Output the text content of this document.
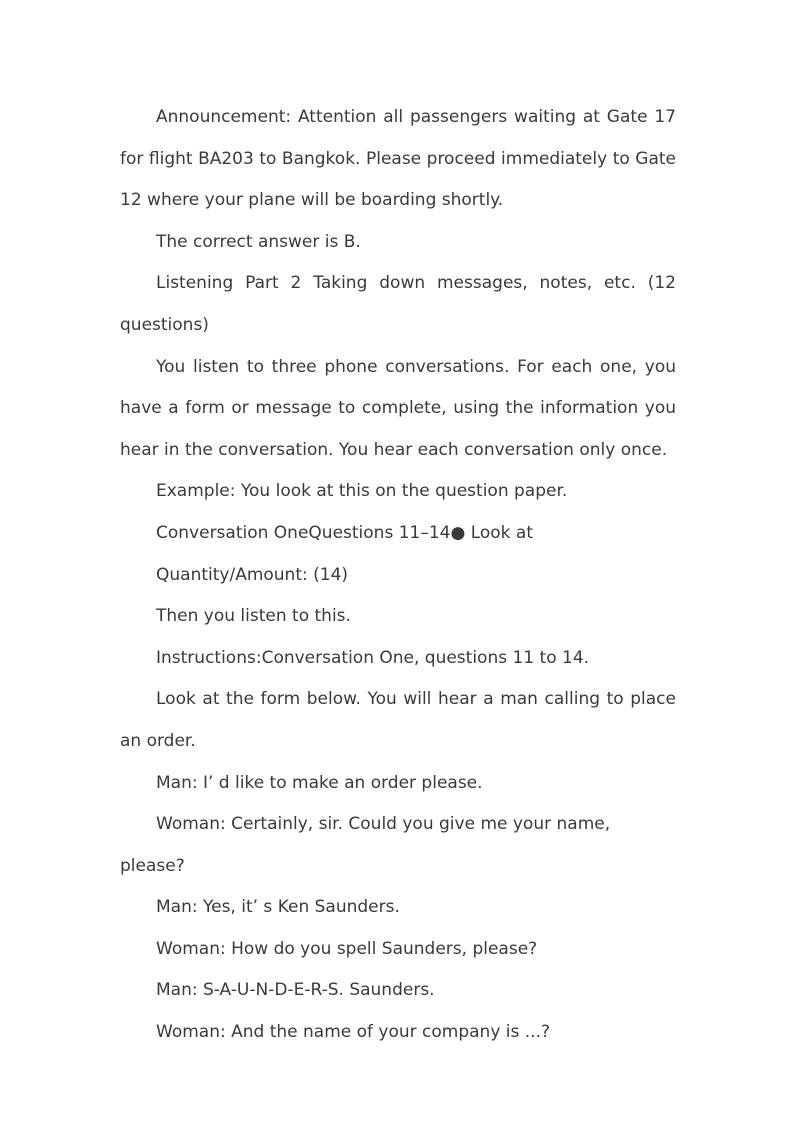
Announcement: Attention all passengers waiting at Gate 17 for flight BA203 to Bangkok. Please proceed immediately to Gate 12 where your plane will be boarding shortly.

The correct answer is B.

Listening Part 2 Taking down messages, notes, etc. (12 questions)

You listen to three phone conversations. For each one, you have a form or message to complete, using the information you hear in the conversation. You hear each conversation only once.

Example: You look at this on the question paper.

Conversation OneQuestions 11–14● Look at

Quantity/Amount: (14)

Then you listen to this.

Instructions:Conversation One, questions 11 to 14.

Look at the form below. You will hear a man calling to place an order.

Man: I’ d like to make an order please.

Woman: Certainly, sir. Could you give me your name, please?

Man: Yes, it’ s Ken Saunders.

Woman: How do you spell Saunders, please?

Man: S-A-U-N-D-E-R-S. Saunders.

Woman: And the name of your company is ...?
